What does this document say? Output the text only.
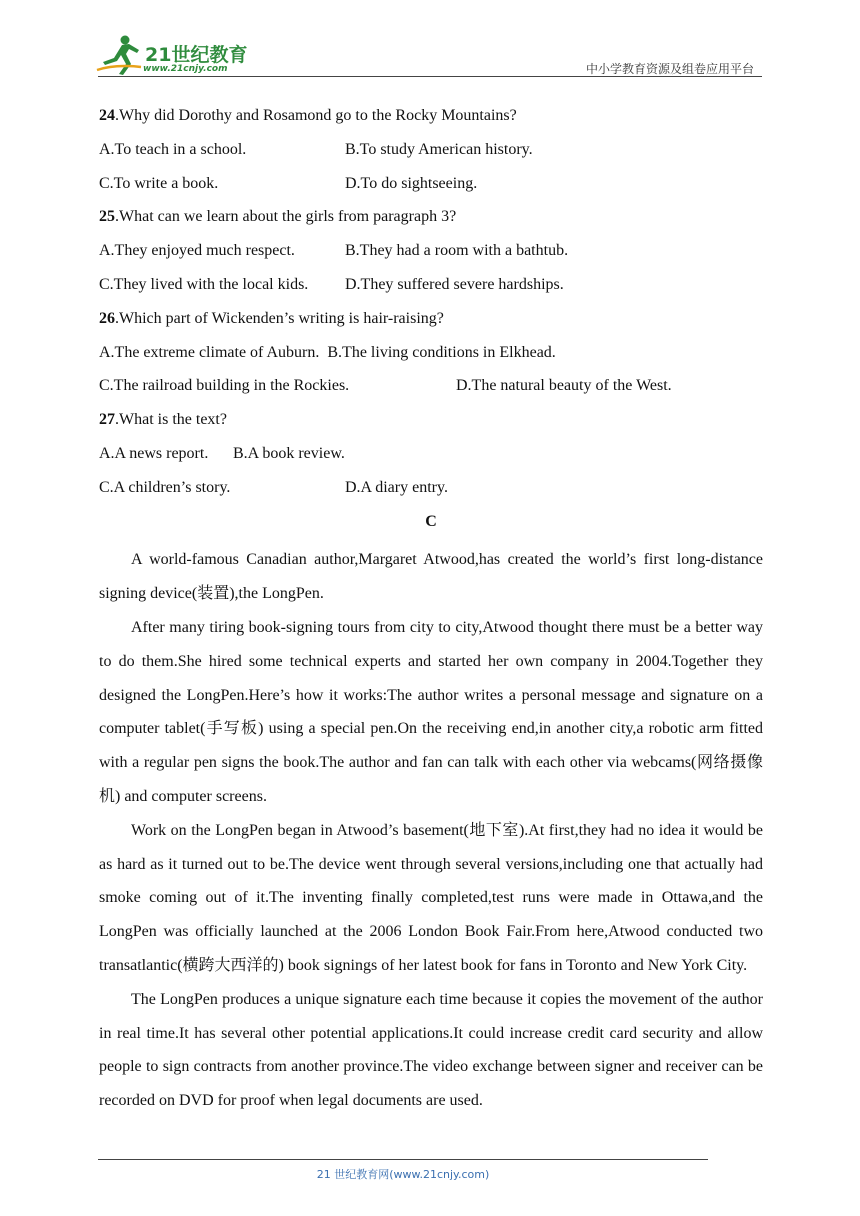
21世纪教育
www.21cnjy.com	中小学教育资源及组卷应用平台
24.Why did Dorothy and Rosamond go to the Rocky Mountains?
A.To teach in a school.	B.To study American history.
C.To write a book.	D.To do sightseeing.
25.What can we learn about the girls from paragraph 3?
A.They enjoyed much respect.	B.They had a room with a bathtub.
C.They lived with the local kids. D.They suffered severe hardships.
26.Which part of Wickenden’s writing is hair-raising?
A.The extreme climate of Auburn. B.The living conditions in Elkhead.
C.The railroad building in the Rockies.	D.The natural beauty of the West.
27.What is the text?
A.A news report. B.A book review.
C.A children’s story.	D.A diary entry.
C

A world-famous Canadian author,Margaret Atwood,has created the world’s first long-distance signing device(装置),the LongPen.

After many tiring book-signing tours from city to city,Atwood thought there must be a better way to do them.She hired some technical experts and started her own company in 2004.Together they designed the LongPen.Here’s how it works:The author writes a personal message and signature on a computer tablet(手写板) using a special pen.On the receiving end,in another city,a robotic arm fitted with a regular pen signs the book.The author and fan can talk with each other via webcams(网络摄像机) and computer screens.

Work on the LongPen began in Atwood’s basement(地下室).At first,they had no idea it would be as hard as it turned out to be.The device went through several versions,including one that actually had smoke coming out of it.The inventing finally completed,test runs were made in Ottawa,and the LongPen was officially launched at the 2006 London Book Fair.From here,Atwood conducted two transatlantic(横跨大西洋的) book signings of her latest book for fans in Toronto and New York City.

The LongPen produces a unique signature each time because it copies the movement of the author in real time.It has several other potential applications.It could increase credit card security and allow people to sign contracts from another province.The video exchange between signer and receiver can be recorded on DVD for proof when legal documents are used.

21 世纪教育网(www.21cnjy.com)
